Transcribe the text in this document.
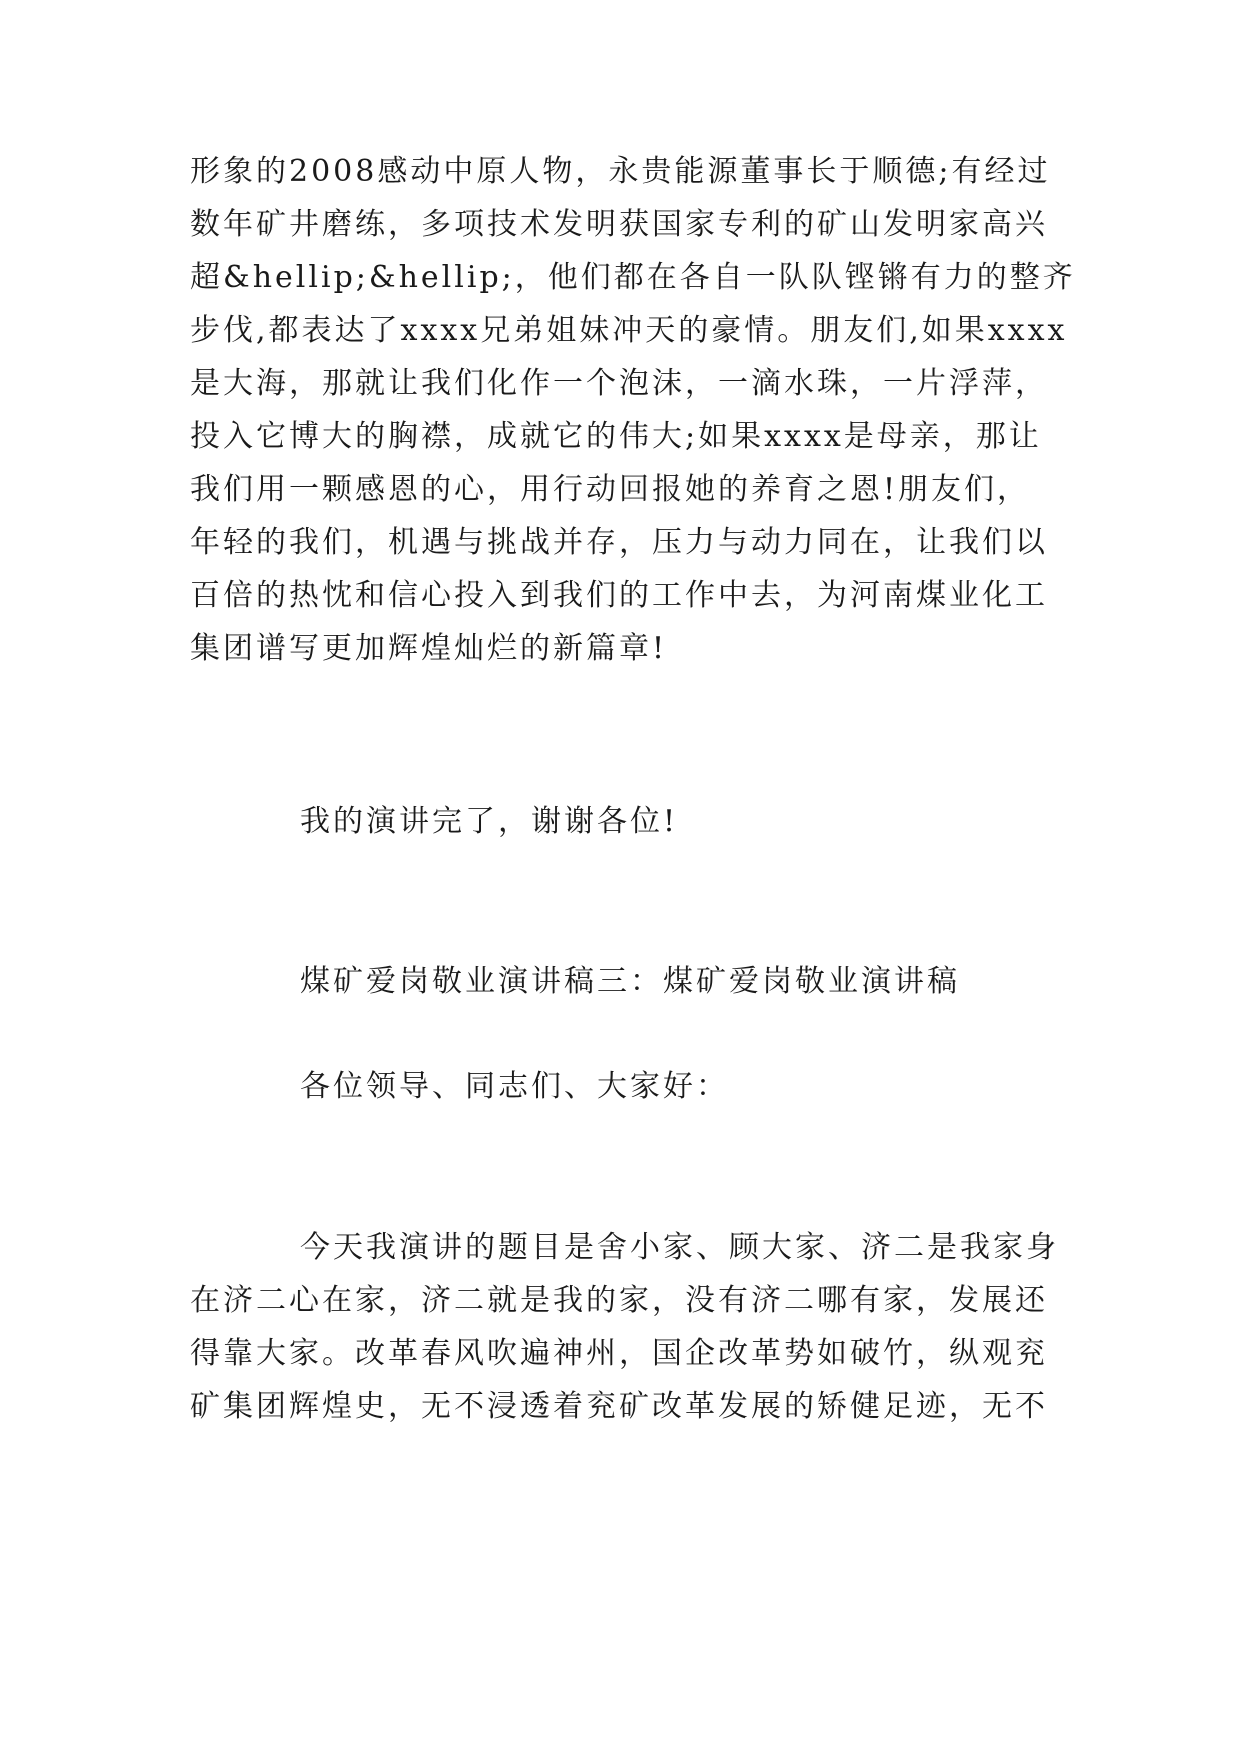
形象的2008感动中原人物，永贵能源董事长于顺德;有经过
数年矿井磨练，多项技术发明获国家专利的矿山发明家高兴
超&hellip;&hellip;，他们都在各自一队队铿锵有力的整齐
步伐,都表达了xxxx兄弟姐妹冲天的豪情。朋友们,如果xxxx
是大海，那就让我们化作一个泡沫，一滴水珠，一片浮萍，
投入它博大的胸襟，成就它的伟大;如果xxxx是母亲，那让
我们用一颗感恩的心，用行动回报她的养育之恩!朋友们，
年轻的我们，机遇与挑战并存，压力与动力同在，让我们以
百倍的热忱和信心投入到我们的工作中去，为河南煤业化工
集团谱写更加辉煌灿烂的新篇章!
我的演讲完了，谢谢各位!
煤矿爱岗敬业演讲稿三：煤矿爱岗敬业演讲稿
各位领导、同志们、大家好：
今天我演讲的题目是舍小家、顾大家、济二是我家身
在济二心在家，济二就是我的家，没有济二哪有家，发展还
得靠大家。改革春风吹遍神州，国企改革势如破竹，纵观兖
矿集团辉煌史，无不浸透着兖矿改革发展的矫健足迹，无不
